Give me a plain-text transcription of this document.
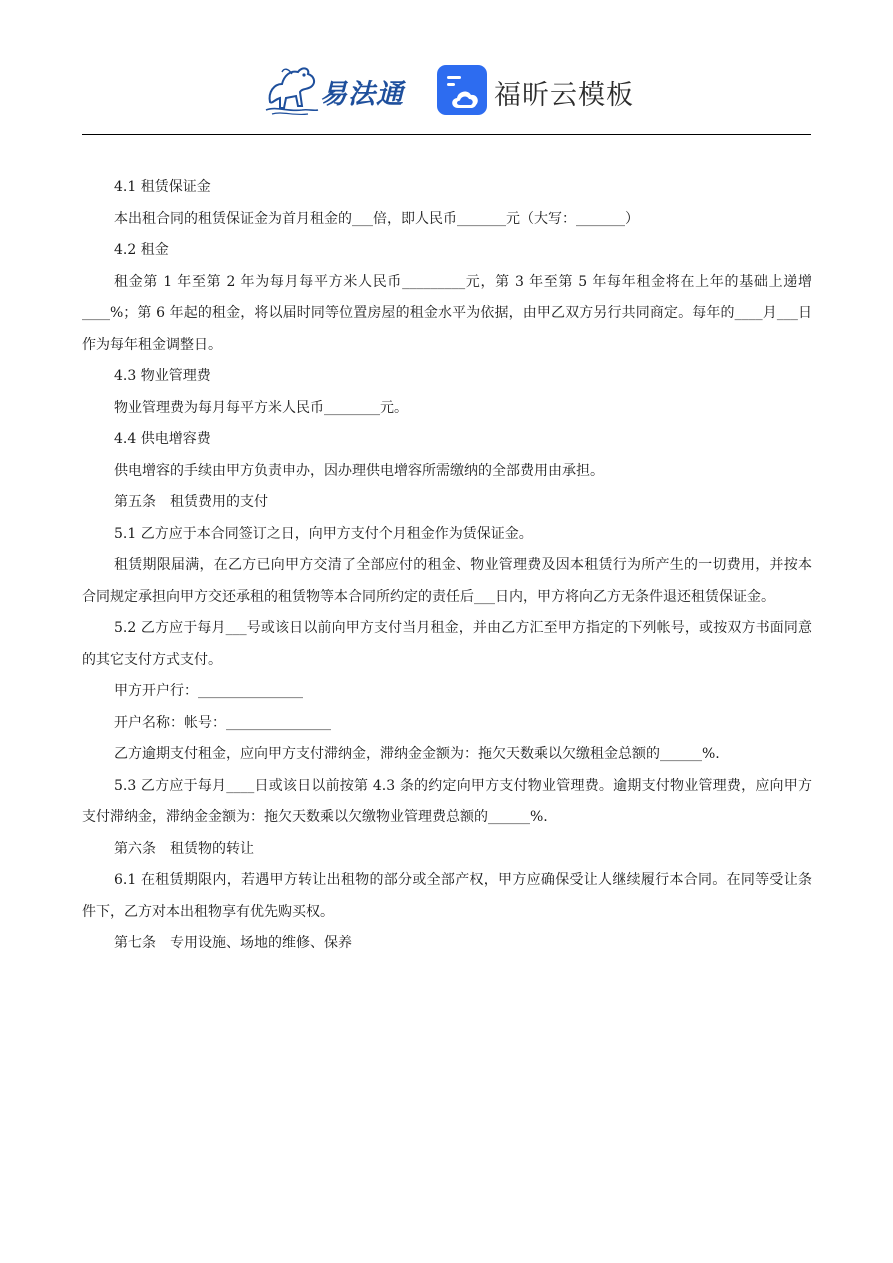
易法通	福昕云模板

4.1 租赁保证金

本出租合同的租赁保证金为首月租金的___倍，即人民币_______元（大写：_______）

4.2 租金

租金第 1 年至第 2 年为每月每平方米人民币_________元，第 3 年至第 5 年每年租金将在上年的基础上递增____%；第 6 年起的租金，将以届时同等位置房屋的租金水平为依据，由甲乙双方另行共同商定。每年的____月___日作为每年租金调整日。

4.3 物业管理费

物业管理费为每月每平方米人民币________元。

4.4 供电增容费

供电增容的手续由甲方负责申办，因办理供电增容所需缴纳的全部费用由承担。

第五条　租赁费用的支付

5.1 乙方应于本合同签订之日，向甲方支付个月租金作为赁保证金。

租赁期限届满，在乙方已向甲方交清了全部应付的租金、物业管理费及因本租赁行为所产生的一切费用，并按本合同规定承担向甲方交还承租的租赁物等本合同所约定的责任后___日内，甲方将向乙方无条件退还租赁保证金。

5.2 乙方应于每月___号或该日以前向甲方支付当月租金，并由乙方汇至甲方指定的下列帐号，或按双方书面同意的其它支付方式支付。

甲方开户行：_______________

开户名称：帐号：_______________

乙方逾期支付租金，应向甲方支付滞纳金，滞纳金金额为：拖欠天数乘以欠缴租金总额的______%.

5.3 乙方应于每月____日或该日以前按第 4.3 条的约定向甲方支付物业管理费。逾期支付物业管理费，应向甲方支付滞纳金，滞纳金金额为：拖欠天数乘以欠缴物业管理费总额的______%.

第六条　租赁物的转让

6.1 在租赁期限内，若遇甲方转让出租物的部分或全部产权，甲方应确保受让人继续履行本合同。在同等受让条件下，乙方对本出租物享有优先购买权。

第七条　专用设施、场地的维修、保养
